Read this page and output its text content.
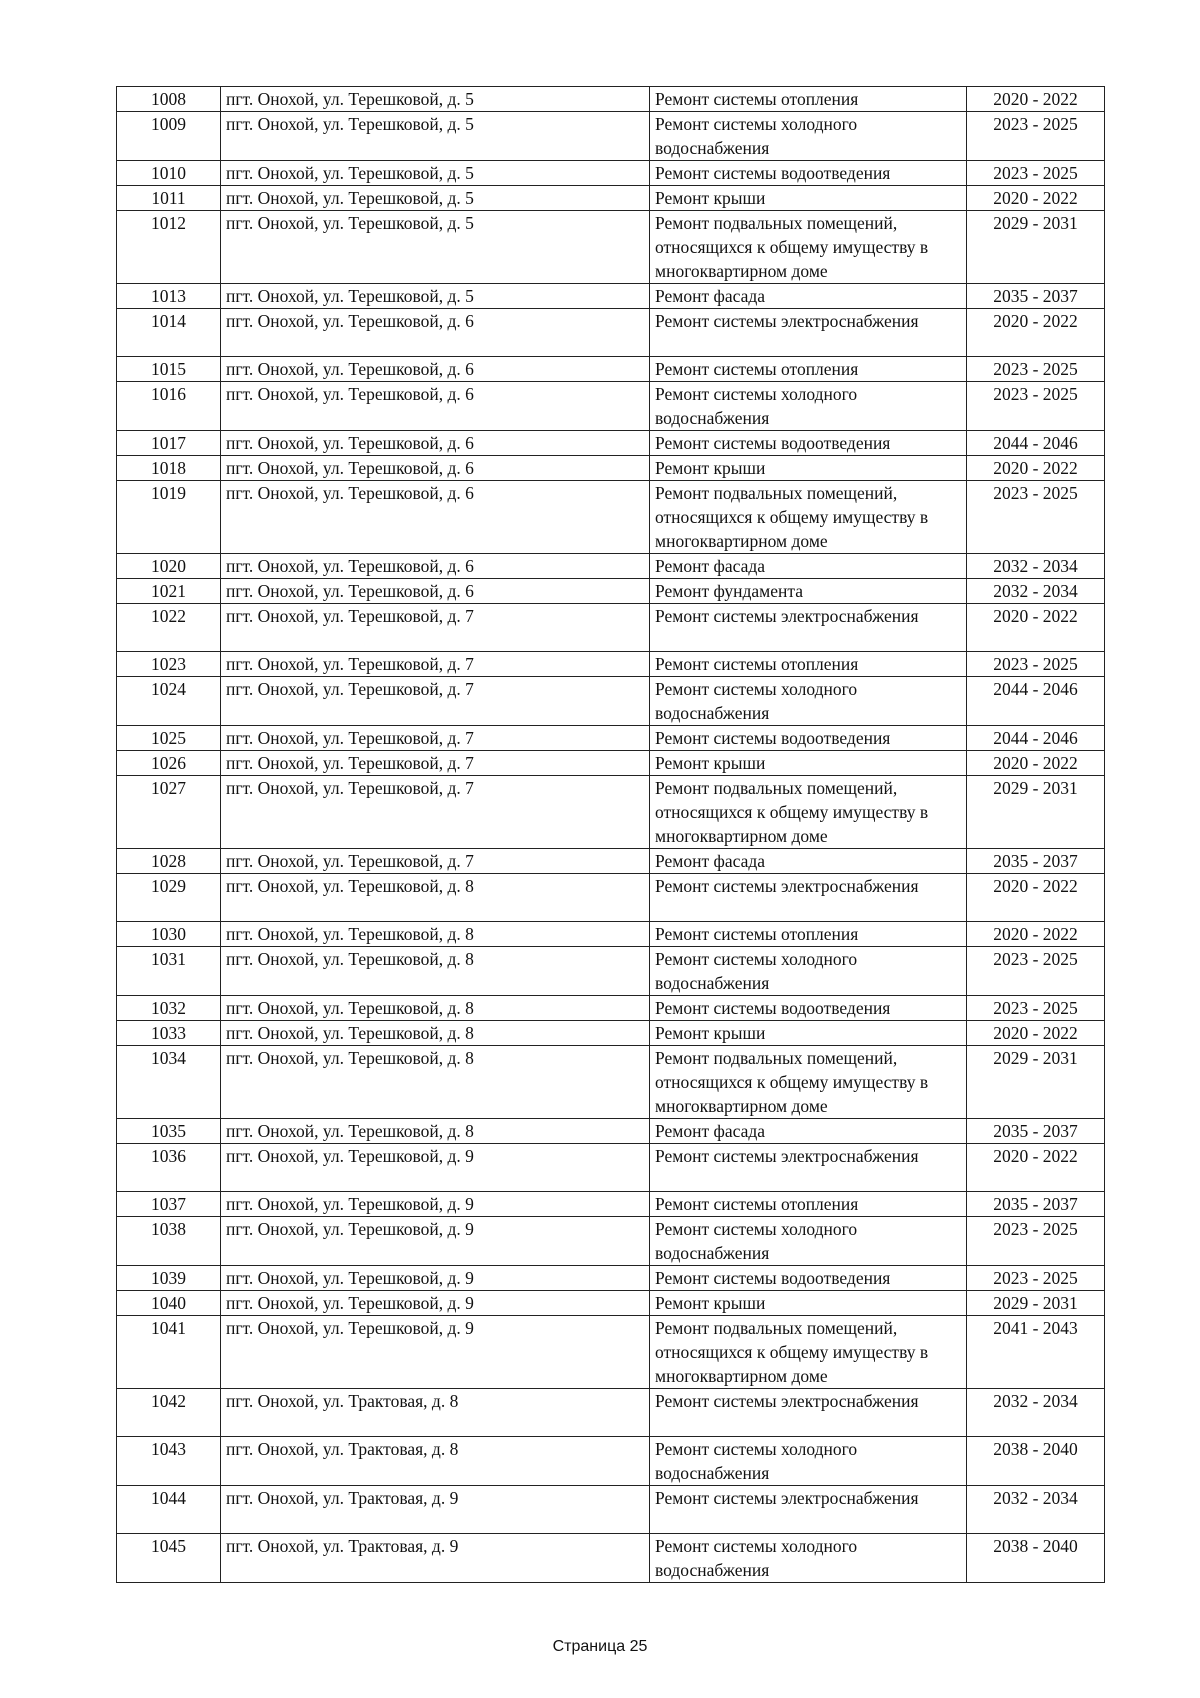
1008	пгт. Онохой, ул. Терешковой, д. 5	Ремонт системы отопления	2020 - 2022
1009	пгт. Онохой, ул. Терешковой, д. 5	Ремонт системы холодного водоснабжения	2023 - 2025
1010	пгт. Онохой, ул. Терешковой, д. 5	Ремонт системы водоотведения	2023 - 2025
1011	пгт. Онохой, ул. Терешковой, д. 5	Ремонт крыши	2020 - 2022
1012	пгт. Онохой, ул. Терешковой, д. 5	Ремонт подвальных помещений, относящихся к общему имуществу в многоквартирном доме	2029 - 2031
1013	пгт. Онохой, ул. Терешковой, д. 5	Ремонт фасада	2035 - 2037
1014	пгт. Онохой, ул. Терешковой, д. 6	Ремонт системы электроснабжения	2020 - 2022
1015	пгт. Онохой, ул. Терешковой, д. 6	Ремонт системы отопления	2023 - 2025
1016	пгт. Онохой, ул. Терешковой, д. 6	Ремонт системы холодного водоснабжения	2023 - 2025
1017	пгт. Онохой, ул. Терешковой, д. 6	Ремонт системы водоотведения	2044 - 2046
1018	пгт. Онохой, ул. Терешковой, д. 6	Ремонт крыши	2020 - 2022
1019	пгт. Онохой, ул. Терешковой, д. 6	Ремонт подвальных помещений, относящихся к общему имуществу в многоквартирном доме	2023 - 2025
1020	пгт. Онохой, ул. Терешковой, д. 6	Ремонт фасада	2032 - 2034
1021	пгт. Онохой, ул. Терешковой, д. 6	Ремонт фундамента	2032 - 2034
1022	пгт. Онохой, ул. Терешковой, д. 7	Ремонт системы электроснабжения	2020 - 2022
1023	пгт. Онохой, ул. Терешковой, д. 7	Ремонт системы отопления	2023 - 2025
1024	пгт. Онохой, ул. Терешковой, д. 7	Ремонт системы холодного водоснабжения	2044 - 2046
1025	пгт. Онохой, ул. Терешковой, д. 7	Ремонт системы водоотведения	2044 - 2046
1026	пгт. Онохой, ул. Терешковой, д. 7	Ремонт крыши	2020 - 2022
1027	пгт. Онохой, ул. Терешковой, д. 7	Ремонт подвальных помещений, относящихся к общему имуществу в многоквартирном доме	2029 - 2031
1028	пгт. Онохой, ул. Терешковой, д. 7	Ремонт фасада	2035 - 2037
1029	пгт. Онохой, ул. Терешковой, д. 8	Ремонт системы электроснабжения	2020 - 2022
1030	пгт. Онохой, ул. Терешковой, д. 8	Ремонт системы отопления	2020 - 2022
1031	пгт. Онохой, ул. Терешковой, д. 8	Ремонт системы холодного водоснабжения	2023 - 2025
1032	пгт. Онохой, ул. Терешковой, д. 8	Ремонт системы водоотведения	2023 - 2025
1033	пгт. Онохой, ул. Терешковой, д. 8	Ремонт крыши	2020 - 2022
1034	пгт. Онохой, ул. Терешковой, д. 8	Ремонт подвальных помещений, относящихся к общему имуществу в многоквартирном доме	2029 - 2031
1035	пгт. Онохой, ул. Терешковой, д. 8	Ремонт фасада	2035 - 2037
1036	пгт. Онохой, ул. Терешковой, д. 9	Ремонт системы электроснабжения	2020 - 2022
1037	пгт. Онохой, ул. Терешковой, д. 9	Ремонт системы отопления	2035 - 2037
1038	пгт. Онохой, ул. Терешковой, д. 9	Ремонт системы холодного водоснабжения	2023 - 2025
1039	пгт. Онохой, ул. Терешковой, д. 9	Ремонт системы водоотведения	2023 - 2025
1040	пгт. Онохой, ул. Терешковой, д. 9	Ремонт крыши	2029 - 2031
1041	пгт. Онохой, ул. Терешковой, д. 9	Ремонт подвальных помещений, относящихся к общему имуществу в многоквартирном доме	2041 - 2043
1042	пгт. Онохой, ул. Трактовая, д. 8	Ремонт системы электроснабжения	2032 - 2034
1043	пгт. Онохой, ул. Трактовая, д. 8	Ремонт системы холодного водоснабжения	2038 - 2040
1044	пгт. Онохой, ул. Трактовая, д. 9	Ремонт системы электроснабжения	2032 - 2034
1045	пгт. Онохой, ул. Трактовая, д. 9	Ремонт системы холодного водоснабжения	2038 - 2040
Страница 25
